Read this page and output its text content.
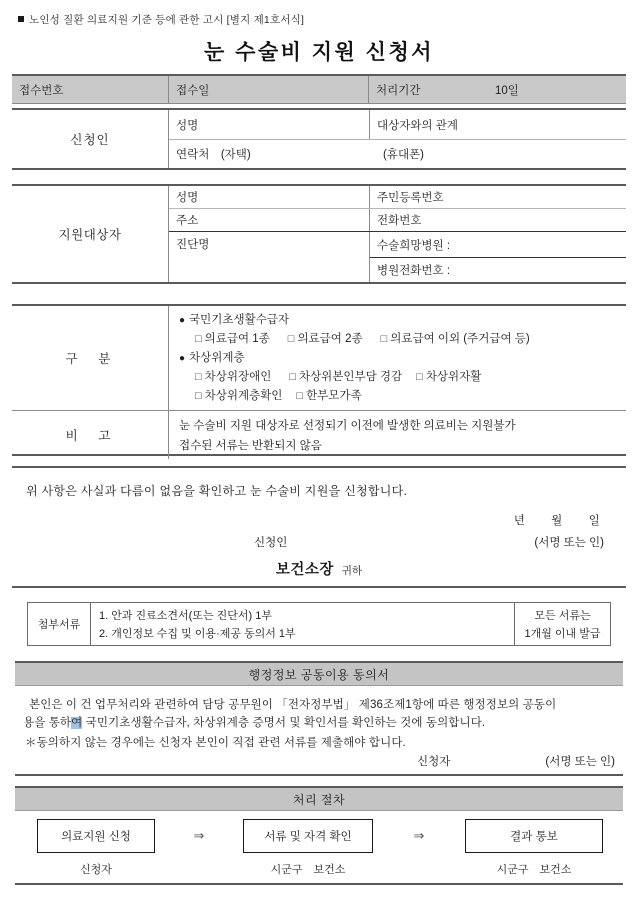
노인성 질환 의료지원 기준 등에 관한 고시 [별지 제1호서식]
눈 수술비 지원 신청서
접수번호	접수일	처리기간	10일
신청인
성명	대상자와의 관계
연락처　(자택)	(휴대폰)
지원대상자
성명	주민등록번호
주소	전화번호
진단명	수술희망병원 :
병원전화번호 :
구　분
● 국민기초생활수급자
□ 의료급여 1종 □ 의료급여 2종 □ 의료급여 이외 (주거급여 등)
● 차상위계층
□ 차상위장애인 □ 차상위본인부담 경감 □ 차상위자활
□ 차상위계층확인 □ 한부모가족
비　고
눈 수술비 지원 대상자로 선정되기 이전에 발생한 의료비는 지원불가
접수된 서류는 반환되지 않음
위 사항은 사실과 다름이 없음을 확인하고 눈 수술비 지원을 신청합니다.
년 월 일
신청인	(서명 또는 인)
보건소장 귀하
첨부서류
1. 안과 진료소견서(또는 진단서) 1부
2. 개인정보 수집 및 이용·제공 동의서 1부
모든 서류는
1개월 이내 발급
행정정보 공동이용 동의서
본인은 이 건 업무처리와 관련하여 담당 공무원이 「전자정부법」 제36조제1항에 따른 행정정보의 공동이
용을 통하여 국민기초생활수급자, 차상위계층 증명서 및 확인서를 확인하는 것에 동의합니다.
＊동의하지 않는 경우에는 신청자 본인이 직접 관련 서류를 제출해야 합니다.
신청자	(서명 또는 인)
처리 절차
의료지원 신청	⇒	서류 및 자격 확인	⇒	결과 통보
신청자	시군구　보건소	시군구　보건소
